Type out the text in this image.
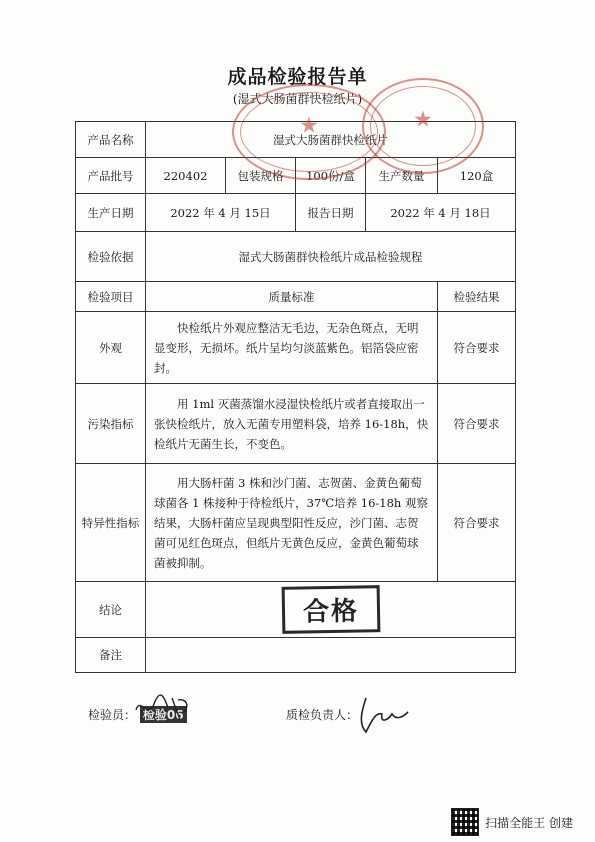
成品检验报告单
(湿式大肠菌群快检纸片)
产品名称	湿式大肠菌群快检纸片				
产品批号	220402	包装规格	100份/盒	生产数量	120盒
生产日期	2022 年 4 月 15日		报告日期	2022 年 4 月 18日	
检验依据	湿式大肠菌群快检纸片成品检验规程				
检验项目	质量标准				检验结果
外观	快检纸片外观应整洁无毛边，无杂色斑点，无明显变形，无损坏。纸片呈均匀淡蓝紫色。铝箔袋应密封。				符合要求
污染指标	用 1ml 灭菌蒸馏水浸湿快检纸片或者直接取出一张快检纸片，放入无菌专用塑料袋，培养 16-18h，快检纸片无菌生长，不变色。				符合要求
特异性指标	用大肠杆菌 3 株和沙门菌、志贺菌、金黄色葡萄球菌各 1 株接种于待检纸片，37℃培养 16-18h 观察结果，大肠杆菌应呈现典型阳性反应，沙门菌、志贺菌可见红色斑点，但纸片无黄色反应，金黄色葡萄球菌被抑制。				符合要求
结论	合格				
备注					
★	★
检验员： 检验06	质检负责人：
扫描全能王 创建
